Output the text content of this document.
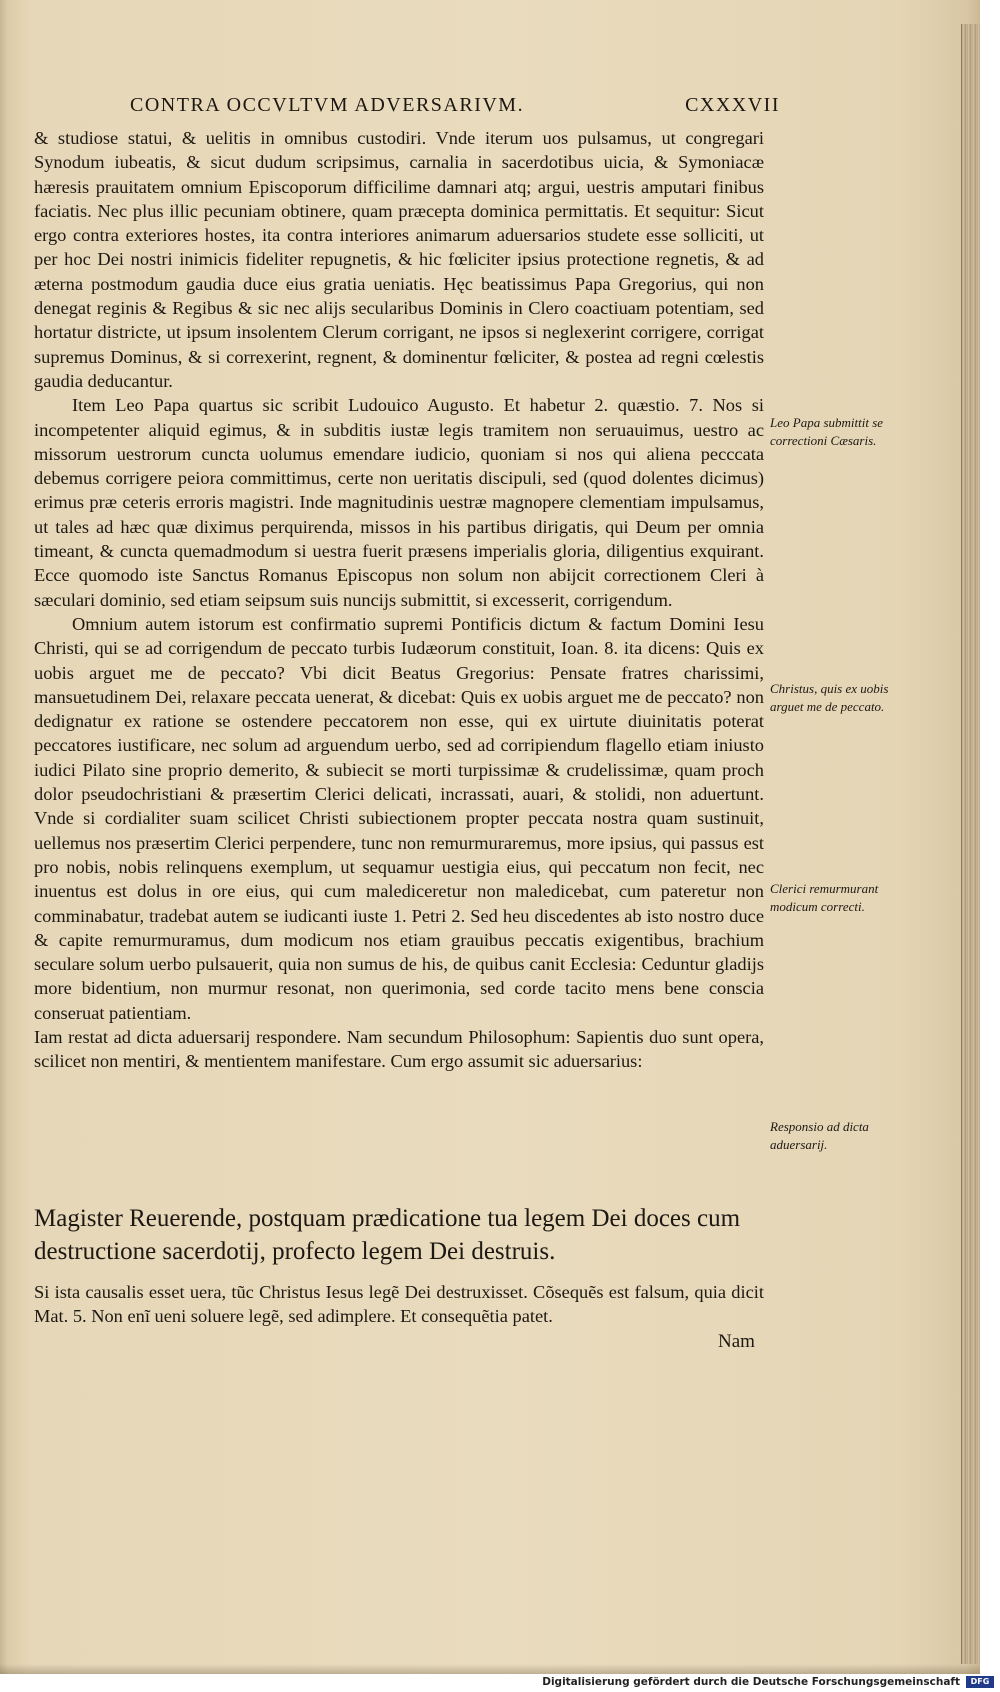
CONTRA OCCVLTVM ADVERSARIVM.	CXXXVII

& studiose statui, & uelitis in omnibus custodiri. Vnde iterum uos pulsamus, ut congregari Synodum iubeatis, & sicut dudum scripsimus, carnalia in sacerdotibus uicia, & Symoniacæ hæresis prauitatem omnium Episcoporum difficilime damnari atq; argui, uestris amputari finibus faciatis. Nec plus illic pecuniam obtinere, quam præcepta dominica permittatis. Et sequitur: Sicut ergo contra exteriores hostes, ita contra interiores animarum aduersarios studete esse solliciti, ut per hoc Dei nostri inimicis fideliter repugnetis, & hic fœliciter ipsius protectione regnetis, & ad æterna postmodum gaudia duce eius gratia ueniatis. Hęc beatissimus Papa Gregorius, qui non denegat reginis & Regibus & sic nec alijs secularibus Dominis in Clero coactiuam potentiam, sed hortatur districte, ut ipsum insolentem Clerum corrigant, ne ipsos si neglexerint corrigere, corrigat supremus Dominus, & si correxerint, regnent, & dominentur fœliciter, & postea ad regni cœlestis gaudia deducantur.

Item Leo Papa quartus sic scribit Ludouico Augusto. Et habetur 2. quæstio. 7. Nos si incompetenter aliquid egimus, & in subditis iustæ legis tramitem non seruauimus, uestro ac missorum uestrorum cuncta uolumus emendare iudicio, quoniam si nos qui aliena pecccata debemus corrigere peiora committimus, certe non ueritatis discipuli, sed (quod dolentes dicimus) erimus præ ceteris erroris magistri. Inde magnitudinis uestræ magnopere clementiam impulsamus, ut tales ad hæc quæ diximus perquirenda, missos in his partibus dirigatis, qui Deum per omnia timeant, & cuncta quemadmodum si uestra fuerit præsens imperialis gloria, diligentius exquirant. Ecce quomodo iste Sanctus Romanus Episcopus non solum non abijcit correctionem Cleri à sæculari dominio, sed etiam seipsum suis nuncijs submittit, si excesserit, corrigendum.

Omnium autem istorum est confirmatio supremi Pontificis dictum & factum Domini Iesu Christi, qui se ad corrigendum de peccato turbis Iudæorum constituit, Ioan. 8. ita dicens: Quis ex uobis arguet me de peccato? Vbi dicit Beatus Gregorius: Pensate fratres charissimi, mansuetudinem Dei, relaxare peccata uenerat, & dicebat: Quis ex uobis arguet me de peccato? non dedignatur ex ratione se ostendere peccatorem non esse, qui ex uirtute diuinitatis poterat peccatores iustificare, nec solum ad arguendum uerbo, sed ad corripiendum flagello etiam iniusto iudici Pilato sine proprio demerito, & subiecit se morti turpissimæ & crudelissimæ, quam proch dolor pseudochristiani & præsertim Clerici delicati, incrassati, auari, & stolidi, non aduertunt. Vnde si cordialiter suam scilicet Christi subiectionem propter peccata nostra quam sustinuit, uellemus nos præsertim Clerici perpendere, tunc non remurmuraremus, more ipsius, qui passus est pro nobis, nobis relinquens exemplum, ut sequamur uestigia eius, qui peccatum non fecit, nec inuentus est dolus in ore eius, qui cum malediceretur non maledicebat, cum pateretur non comminabatur, tradebat autem se iudicanti iuste 1. Petri 2. Sed heu discedentes ab isto nostro duce & capite remurmuramus, dum modicum nos etiam grauibus peccatis exigentibus, brachium seculare solum uerbo pulsauerit, quia non sumus de his, de quibus canit Ecclesia: Ceduntur gladijs more bidentium, non murmur resonat, non querimonia, sed corde tacito mens bene conscia conseruat patientiam.

Iam restat ad dicta aduersarij respondere. Nam secundum Philosophum: Sapientis duo sunt opera, scilicet non mentiri, & mentientem manifestare. Cum ergo assumit sic aduersarius:

Leo Papa submittit se correctioni Cæsaris.
Christus, quis ex uobis arguet me de peccato.
Clerici remurmurant modicum correcti.
Responsio ad dicta aduersarij.
Magister Reuerende, postquam prædicatione tua legem Dei doces cum destructione sacerdotij, profecto legem Dei destruis.
Si ista causalis esset uera, tũc Christus Iesus legẽ Dei destruxisset. Cõsequẽs est falsum, quia dicit Mat. 5. Non enĩ ueni soluere legẽ, sed adimplere. Et consequẽtia patet.
Nam
Digitalisierung gefördert durch die Deutsche Forschungsgemeinschaft	DFG
